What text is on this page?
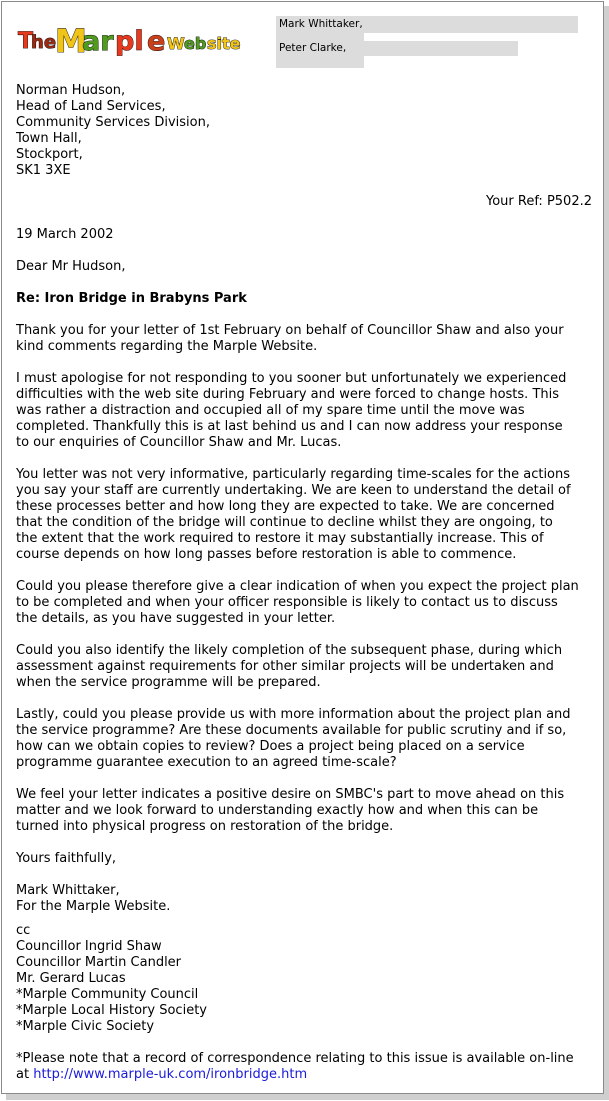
T
he
M
ar pl e W eb site
Mark Whittaker,
Peter Clarke,
Norman Hudson,
Head of Land Services,
Community Services Division,
Town Hall,
Stockport,
SK1 3XE
Your Ref: P502.2
19 March 2002
Dear Mr Hudson,
Re: Iron Bridge in Brabyns Park
Thank you for your letter of 1st February on behalf of Councillor Shaw and also your
kind comments regarding the Marple Website.
I must apologise for not responding to you sooner but unfortunately we experienced
difficulties with the web site during February and were forced to change hosts. This
was rather a distraction and occupied all of my spare time until the move was
completed. Thankfully this is at last behind us and I can now address your response
to our enquiries of Councillor Shaw and Mr. Lucas.
You letter was not very informative, particularly regarding time-scales for the actions
you say your staff are currently undertaking. We are keen to understand the detail of
these processes better and how long they are expected to take. We are concerned
that the condition of the bridge will continue to decline whilst they are ongoing, to
the extent that the work required to restore it may substantially increase. This of
course depends on how long passes before restoration is able to commence.
Could you please therefore give a clear indication of when you expect the project plan
to be completed and when your officer responsible is likely to contact us to discuss
the details, as you have suggested in your letter.
Could you also identify the likely completion of the subsequent phase, during which
assessment against requirements for other similar projects will be undertaken and
when the service programme will be prepared.
Lastly, could you please provide us with more information about the project plan and
the service programme? Are these documents available for public scrutiny and if so,
how can we obtain copies to review? Does a project being placed on a service
programme guarantee execution to an agreed time-scale?
We feel your letter indicates a positive desire on SMBC's part to move ahead on this
matter and we look forward to understanding exactly how and when this can be
turned into physical progress on restoration of the bridge.
Yours faithfully,
Mark Whittaker,
For the Marple Website.
cc
Councillor Ingrid Shaw
Councillor Martin Candler
Mr. Gerard Lucas
*Marple Community Council
*Marple Local History Society
*Marple Civic Society
*Please note that a record of correspondence relating to this issue is available on-line
at http://www.marple-uk.com/ironbridge.htm
